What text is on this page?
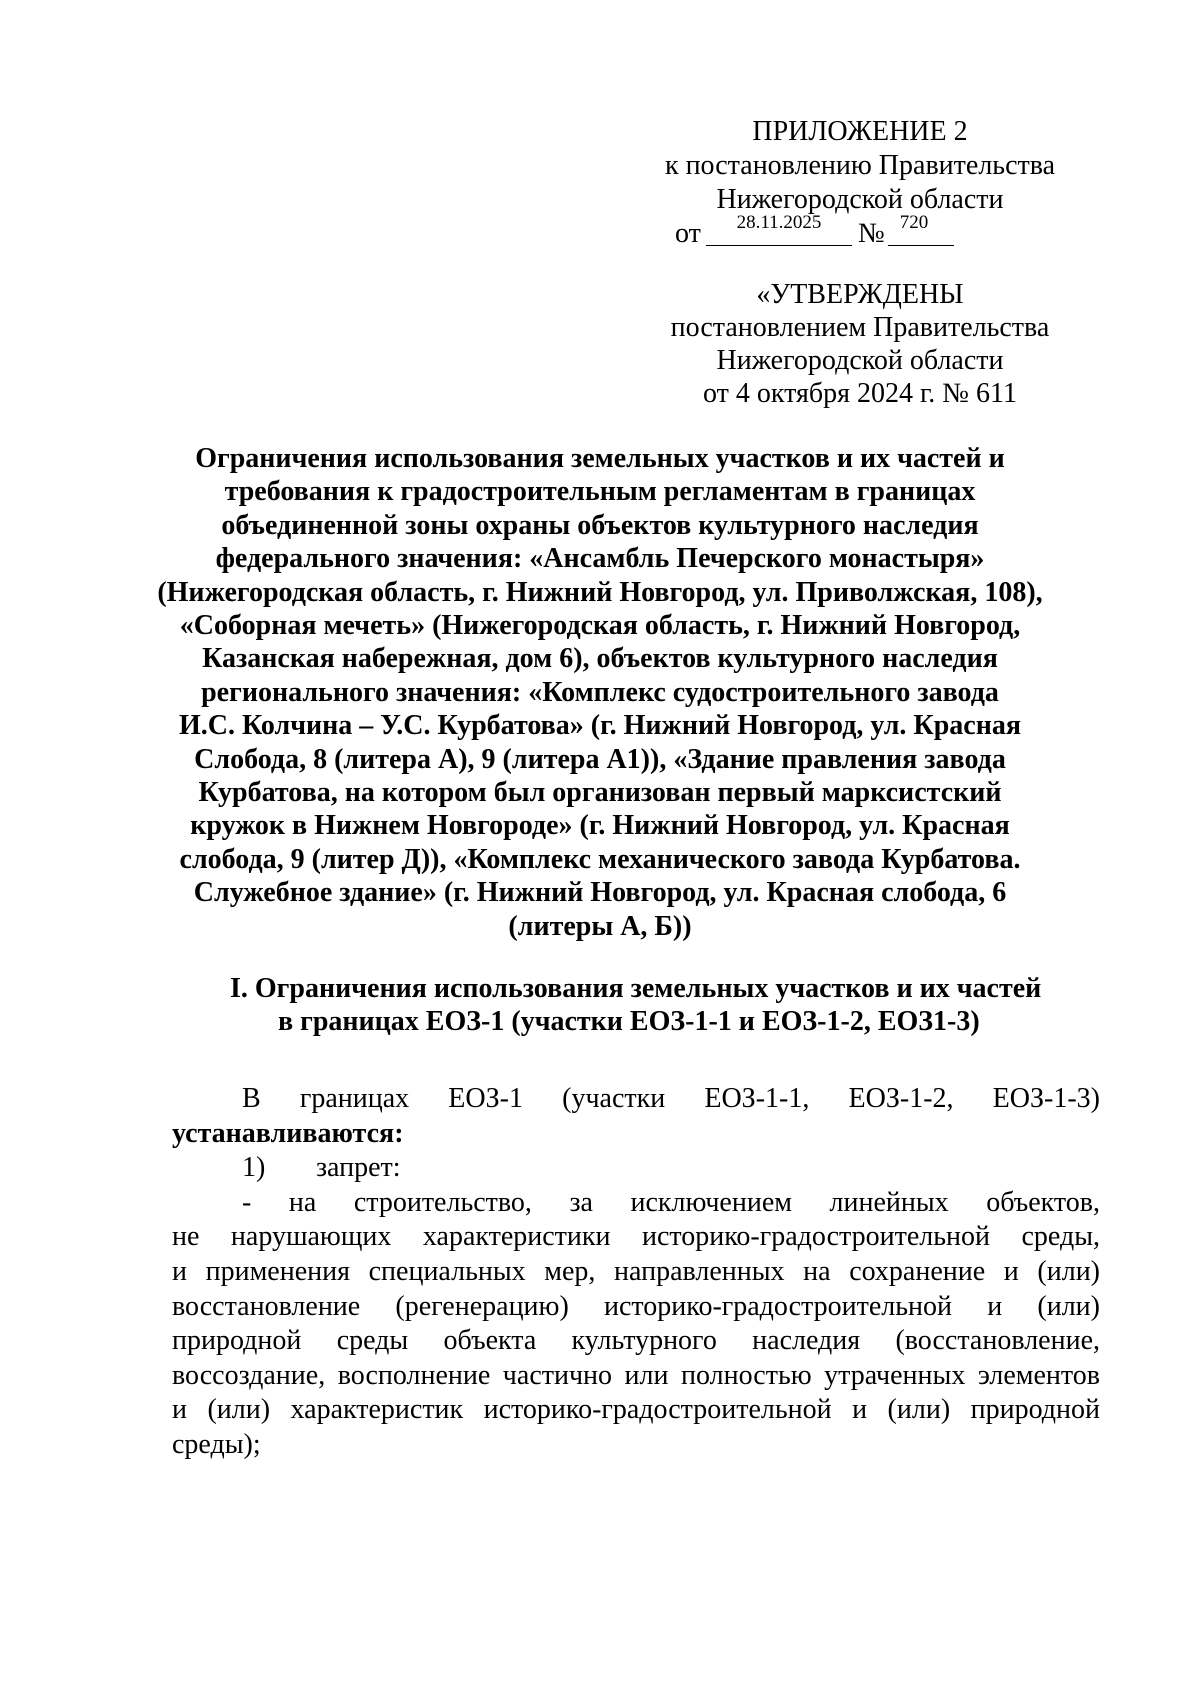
ПРИЛОЖЕНИЕ 2
к постановлению Правительства
Нижегородской области
от	28.11.2025	№ 720
«УТВЕРЖДЕНЫ
постановлением Правительства
Нижегородской области
от 4 октября 2024 г. № 611
Ограничения использования земельных участков и их частей и
требования к градостроительным регламентам в границах
объединенной зоны охраны объектов культурного наследия
федерального значения: «Ансамбль Печерского монастыря»
(Нижегородская область, г. Нижний Новгород, ул. Приволжская, 108),
«Соборная мечеть» (Нижегородская область, г. Нижний Новгород,
Казанская набережная, дом 6), объектов культурного наследия
регионального значения: «Комплекс судостроительного завода
И.С. Колчина – У.С. Курбатова» (г. Нижний Новгород, ул. Красная
Слобода, 8 (литера А), 9 (литера А1)), «Здание правления завода
Курбатова, на котором был организован первый марксистский
кружок в Нижнем Новгороде» (г. Нижний Новгород, ул. Красная
слобода, 9 (литер Д)), «Комплекс механического завода Курбатова.
Служебное здание» (г. Нижний Новгород, ул. Красная слобода, 6
(литеры А, Б))
I. Ограничения использования земельных участков и их частей
в границах ЕОЗ-1 (участки ЕОЗ-1-1 и ЕОЗ-1-2, ЕОЗ1-3)
В границах ЕОЗ-1 (участки ЕОЗ-1-1, ЕОЗ-1-2, ЕОЗ-1-3)
устанавливаются:
1) запрет:
- на строительство, за исключением линейных объектов,
не нарушающих характеристики историко-градостроительной среды,
и применения специальных мер, направленных на сохранение и (или)
восстановление (регенерацию) историко-градостроительной и (или)
природной среды объекта культурного наследия (восстановление,
воссоздание, восполнение частично или полностью утраченных элементов
и (или) характеристик историко-градостроительной и (или) природной
среды);
